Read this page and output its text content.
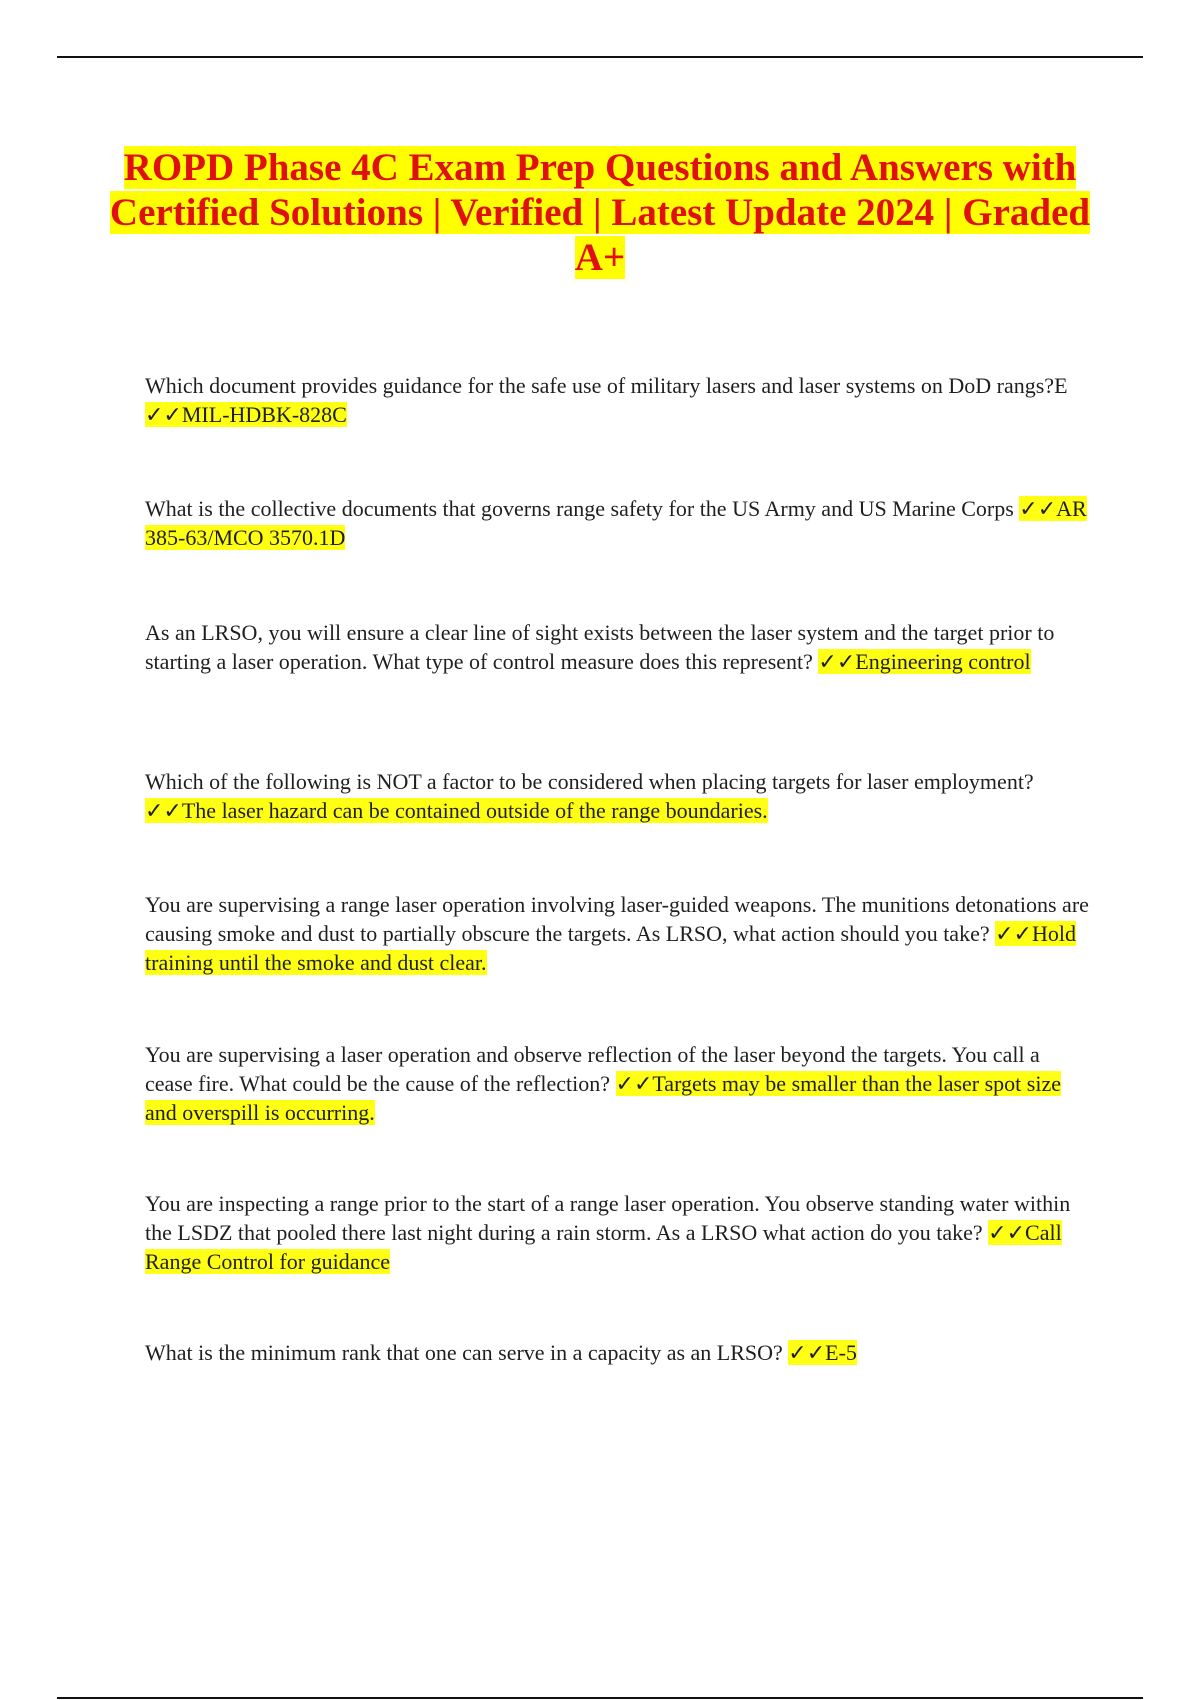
ROPD Phase 4C Exam Prep Questions and Answers with Certified Solutions | Verified | Latest Update 2024 | Graded A+

Which document provides guidance for the safe use of military lasers and laser systems on DoD rangs?E ✓✓MIL-HDBK-828C

What is the collective documents that governs range safety for the US Army and US Marine Corps ✓✓AR 385-63/MCO 3570.1D

As an LRSO, you will ensure a clear line of sight exists between the laser system and the target prior to starting a laser operation. What type of control measure does this represent? ✓✓Engineering control

Which of the following is NOT a factor to be considered when placing targets for laser employment? ✓✓The laser hazard can be contained outside of the range boundaries.

You are supervising a range laser operation involving laser-guided weapons. The munitions detonations are causing smoke and dust to partially obscure the targets. As LRSO, what action should you take? ✓✓Hold training until the smoke and dust clear.

You are supervising a laser operation and observe reflection of the laser beyond the targets. You call a cease fire. What could be the cause of the reflection? ✓✓Targets may be smaller than the laser spot size and overspill is occurring.

You are inspecting a range prior to the start of a range laser operation. You observe standing water within the LSDZ that pooled there last night during a rain storm. As a LRSO what action do you take? ✓✓Call Range Control for guidance

What is the minimum rank that one can serve in a capacity as an LRSO? ✓✓E-5
